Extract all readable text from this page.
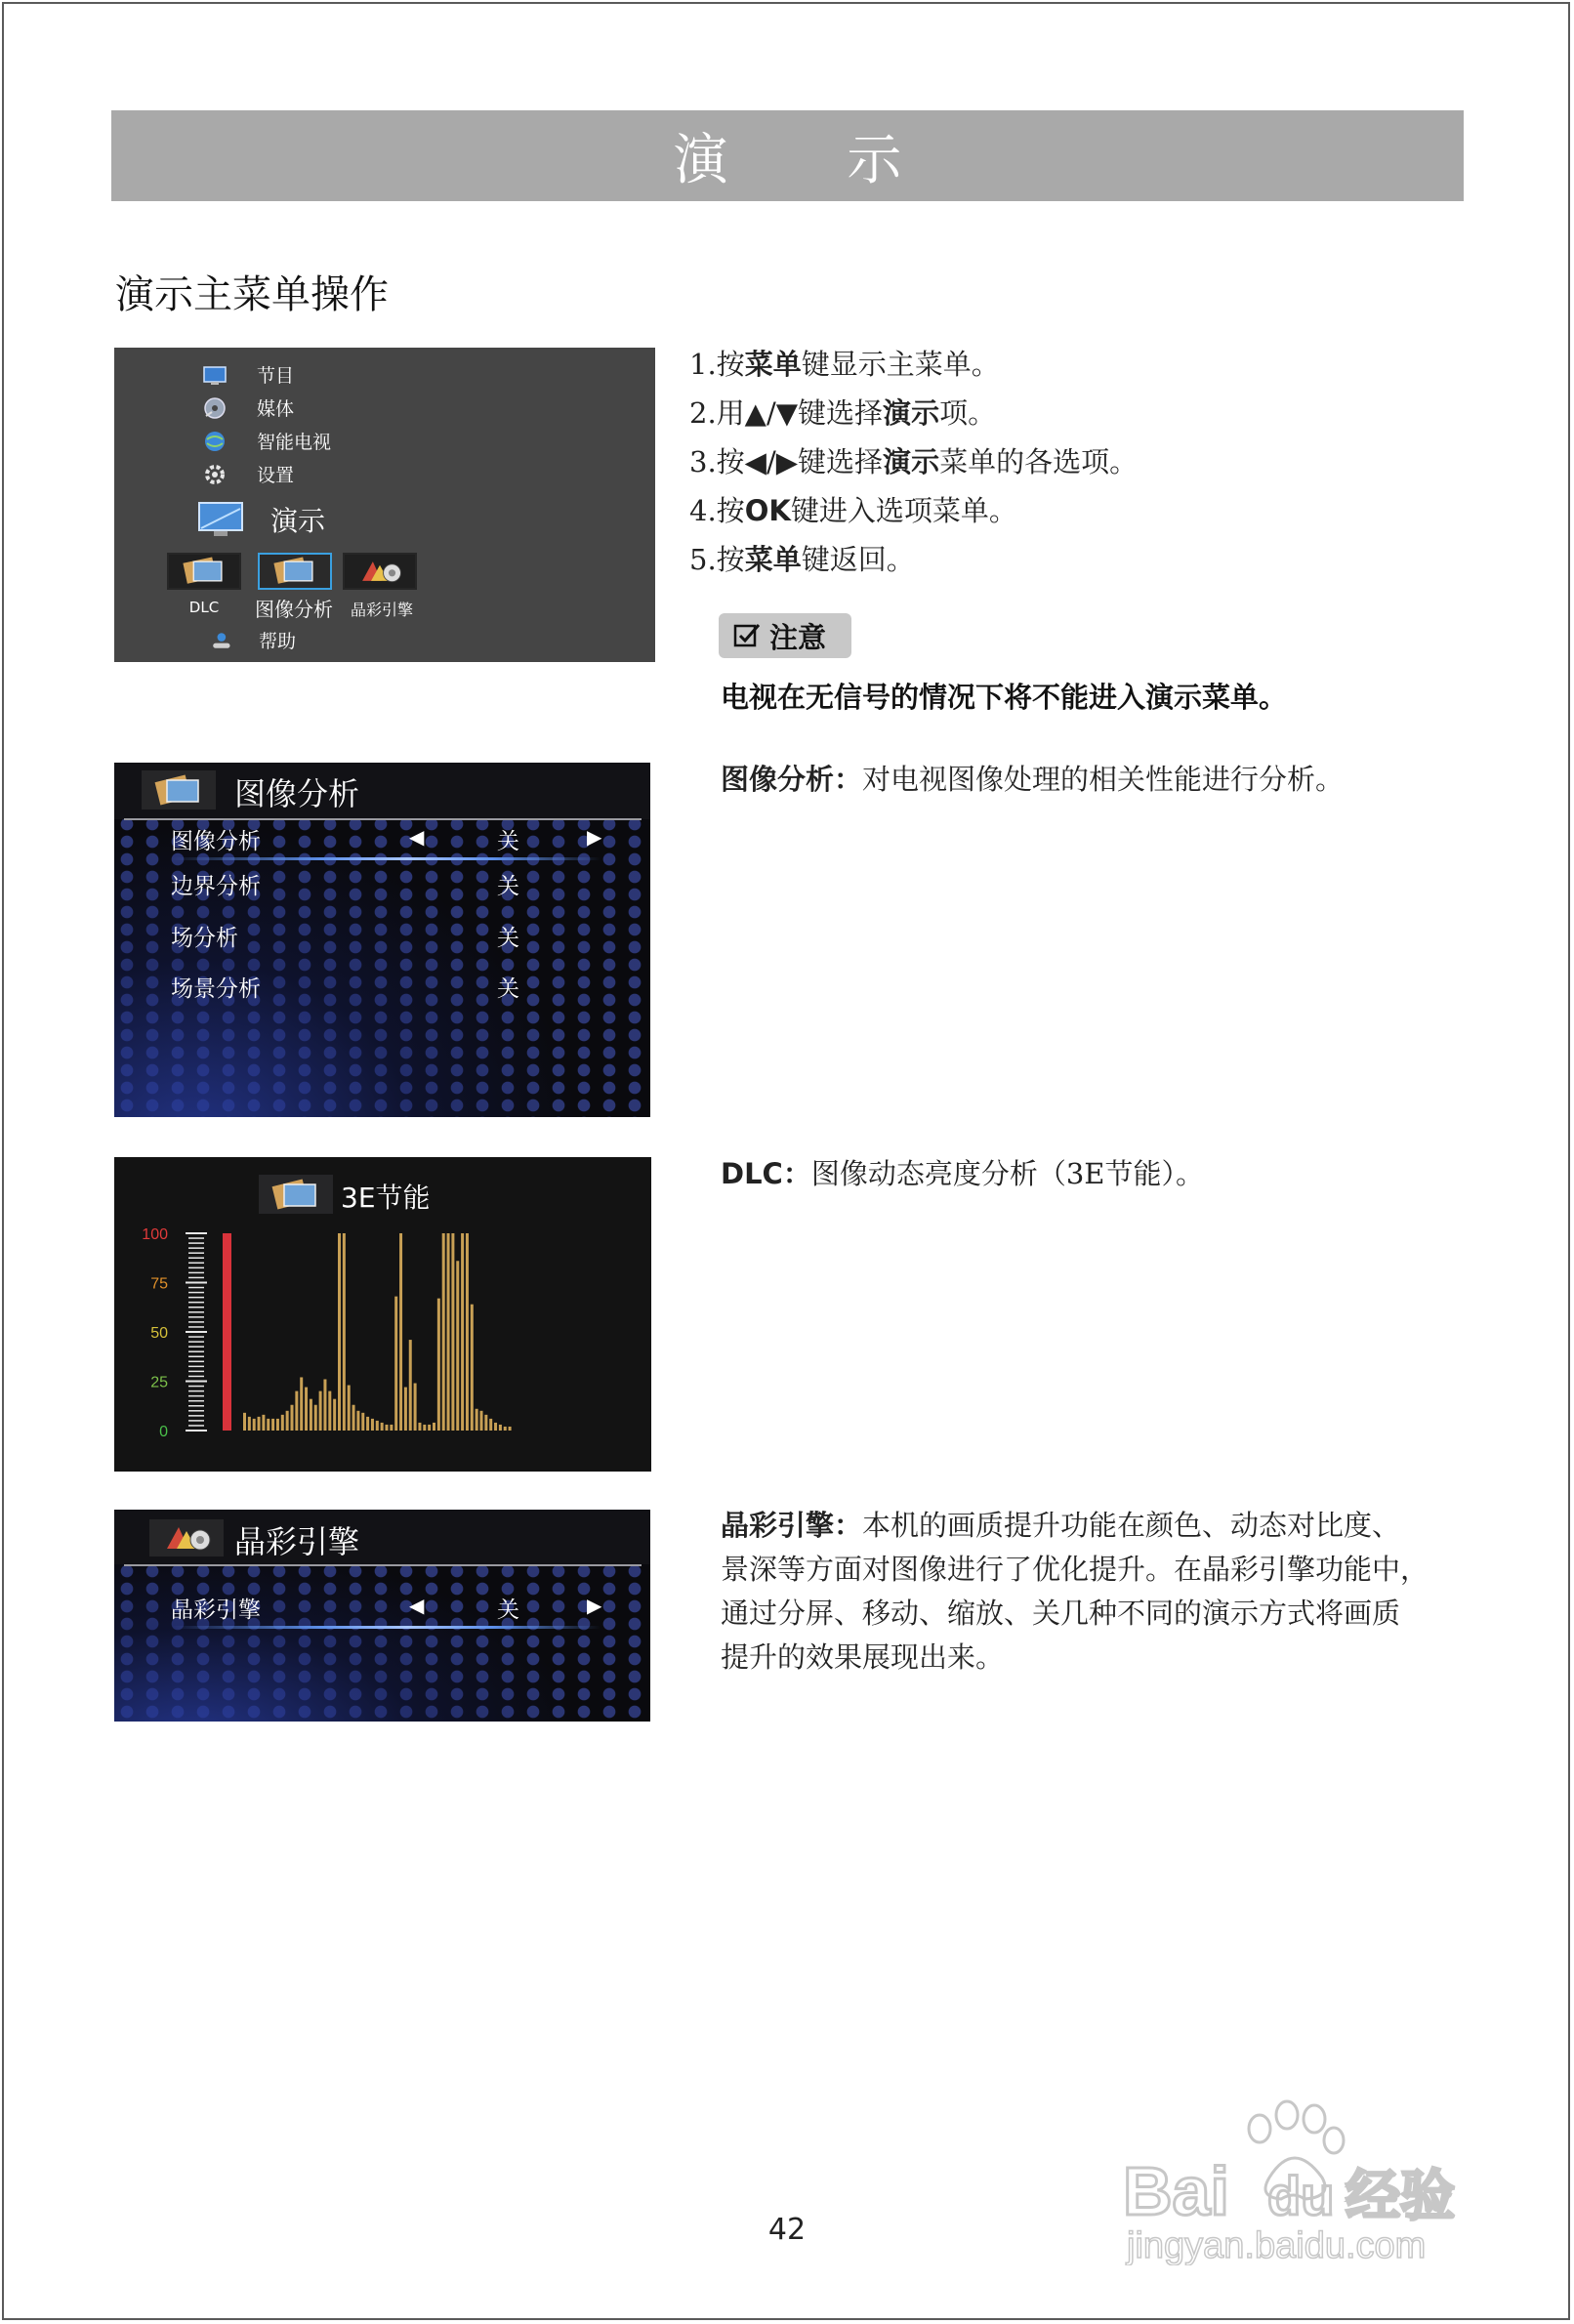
演 示
演示主菜单操作
节目
媒体
智能电视
设置
演示
DLC	图像分析	晶彩引擎
帮助
1.按菜单键显示主菜单。
2.用▲/▼键选择演示项。
3.按◀/▶键选择演示菜单的各选项。
4.按OK键进入选项菜单。
5.按菜单键返回。
注意
电视在无信号的情况下将不能进入演示菜单。
图像分析
图像分析	◀	关	▶
边界分析	关
场分析	关
场景分析	关
图像分析：对电视图像处理的相关性能进行分析。
3E节能
100
75
50
25
0
DLC：图像动态亮度分析（3E节能）。
晶彩引擎
晶彩引擎	◀	关	▶
晶彩引擎：本机的画质提升功能在颜色、动态对比度、
景深等方面对图像进行了优化提升。在晶彩引擎功能中，
通过分屏、移动、缩放、关几种不同的演示方式将画质
提升的效果展现出来。
42
Bai du 经验
jingyan.baidu.com
